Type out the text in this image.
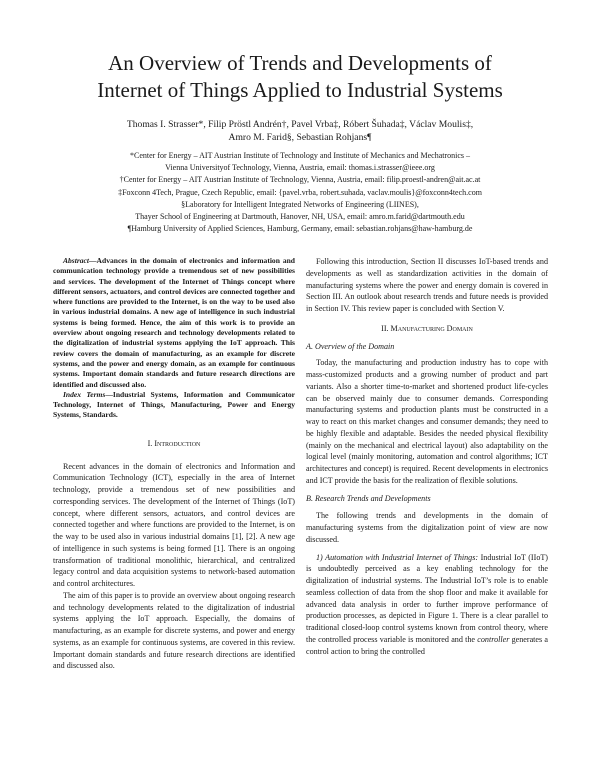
An Overview of Trends and Developments of
Internet of Things Applied to Industrial Systems
Thomas I. Strasser*, Filip Pröstl Andrén†, Pavel Vrba‡, Róbert Šuhada‡, Václav Moulis‡,
Amro M. Farid§, Sebastian Rohjans¶
*Center for Energy – AIT Austrian Institute of Technology and Institute of Mechanics and Mechatronics –
Vienna Universityof Technology, Vienna, Austria, email: thomas.i.strasser@ieee.org
†Center for Energy – AIT Austrian Institute of Technology, Vienna, Austria, email: filip.proestl-andren@ait.ac.at
‡Foxconn 4Tech, Prague, Czech Republic, email: {pavel.vrba, robert.suhada, vaclav.moulis}@foxconn4tech.com
§Laboratory for Intelligent Integrated Networks of Engineering (LIINES),
Thayer School of Engineering at Dartmouth, Hanover, NH, USA, email: amro.m.farid@dartmouth.edu
¶Hamburg University of Applied Sciences, Hamburg, Germany, email: sebastian.rohjans@haw-hamburg.de

Abstract—Advances in the domain of electronics and information and communication technology provide a tremendous set of new possibilities and services. The development of the Internet of Things concept where different sensors, actuators, and control devices are connected together and where functions are provided to the Internet, is on the way to be used also in various industrial domains. A new age of intelligence in such industrial systems is being formed. Hence, the aim of this work is to provide an overview about ongoing research and technology developments related to the digitalization of industrial systems applying the IoT approach. This review covers the domain of manufacturing, as an example for discrete systems, and the power and energy domain, as an example for continuous systems. Important domain standards and future research directions are identified and discussed also.

Index Terms—Industrial Systems, Information and Communicator Technology, Internet of Things, Manufacturing, Power and Energy Systems, Standards.

I. Introduction

Recent advances in the domain of electronics and Information and Communication Technology (ICT), especially in the area of Internet technology, provide a tremendous set of new possibilities and corresponding services. The development of the Internet of Things (IoT) concept, where different sensors, actuators, and control devices are connected together and where functions are provided to the Internet, is on the way to be used also in various industrial domains [1], [2]. A new age of intelligence in such systems is being formed [1]. There is an ongoing transformation of traditional monolithic, hierarchical, and centralized legacy control and data acquisition systems to network-based automation and control architectures.

The aim of this paper is to provide an overview about ongoing research and technology developments related to the digitalization of industrial systems applying the IoT approach. Especially, the domains of manufacturing, as an example for discrete systems, and power and energy systems, as an example for continuous systems, are covered in this review. Important domain standards and future research directions are identified and discussed also.

Following this introduction, Section II discusses IoT-based trends and developments as well as standardization activities in the domain of manufacturing systems where the power and energy domain is covered in Section III. An outlook about research trends and future needs is provided in Section IV. This review paper is concluded with Section V.

II. Manufacturing Domain
A. Overview of the Domain

Today, the manufacturing and production industry has to cope with mass-customized products and a growing number of product and part variants. Also a shorter time-to-market and shortened product life-cycles can be observed mainly due to consumer demands. Corresponding manufacturing systems and production plants must be constructed in a way to react on this market changes and consumer demands; they need to be highly flexible and adaptable. Besides the needed physical flexibility (mainly on the mechanical and electrical layout) also adaptability on the logical level (mainly monitoring, automation and control algorithms; ICT architectures and concept) is required. Recent developments in electronics and ICT provide the basis for the realization of flexible solutions.

B. Research Trends and Developments

The following trends and developments in the domain of manufacturing systems from the digitalization point of view are now discussed.

1) Automation with Industrial Internet of Things: Industrial IoT (IIoT) is undoubtedly perceived as a key enabling technology for the digitalization of industrial systems. The Industrial IoT’s role is to enable seamless collection of data from the shop floor and make it available for advanced data analysis in order to further improve performance of production processes, as depicted in Figure 1. There is a clear parallel to traditional closed-loop control systems known from control theory, where the controlled process variable is monitored and the controller generates a control action to bring the controlled
